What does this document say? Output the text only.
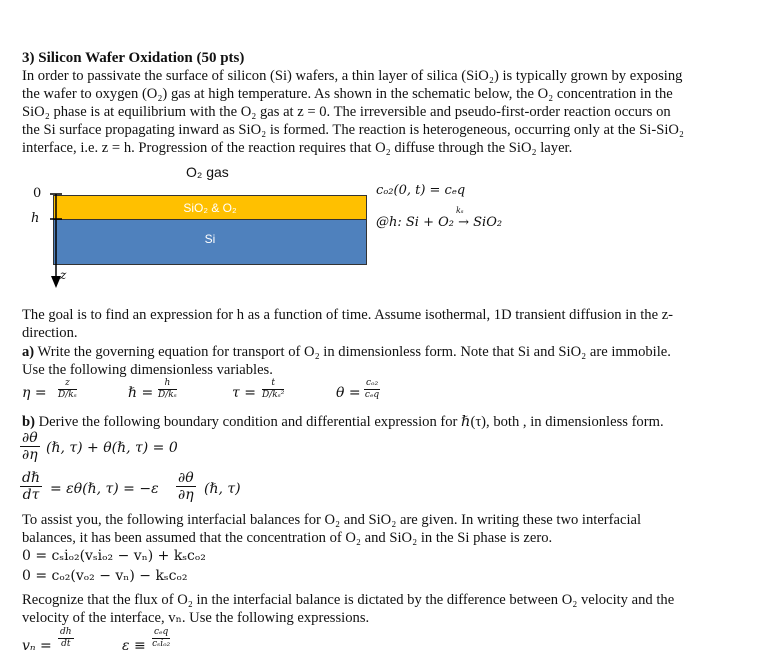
3) Silicon Wafer Oxidation (50 pts)
In order to passivate the surface of silicon (Si) wafers, a thin layer of silica (SiO₂) is typically grown by exposing
the wafer to oxygen (O₂) gas at high temperature. As shown in the schematic below, the O₂ concentration in the
SiO₂ phase is at equilibrium with the O₂ gas at z = 0. The irreversible and pseudo-first-order reaction occurs on
the Si surface propagating inward as SiO₂ is formed. The reaction is heterogeneous, occurring only at the Si-SiO₂
interface, i.e. z = h. Progression of the reaction requires that O₂ diffuse through the SiO₂ layer.
O₂ gas
0
h
SiO₂ & O₂
Si
z
cₒ₂(0, t) = cₑq
kₛ
@h: Si + O₂ → SiO₂
The goal is to find an expression for h as a function of time. Assume isothermal, 1D transient diffusion in the z-
direction.
a) Write the governing equation for transport of O₂ in dimensionless form. Note that Si and SiO₂ are immobile.
Use the following dimensionless variables.
$\eta = \frac{z}{\text{D/kₛ}}$	ℏ = $\frac{h}{\text{D/kₛ}}$	$\tau = \frac{t}{\text{D/kₛ²}}$	θ =
cₒ₂
cₑq
b) Derive the following boundary condition and differential expression for ℏ(τ), both , in dimensionless form.
$\frac{\partial\theta}{\partial\eta}$ (ℏ, τ) + θ(ℏ, τ) = 0
dℏ
dτ = εθ(ℏ, $\tau) = -\varepsilon \frac{\partial\theta}{\partial\eta}$ (ℏ, τ)
To assist you, the following interfacial balances for O₂ and SiO₂ are given. In writing these two interfacial
balances, it has been assumed that the concentration of O₂ and SiO₂ in the Si phase is zero.
0 = cₛiₒ₂(vₛiₒ₂ − vₙ) + kₛcₒ₂
0 = cₒ₂(vₒ₂ − vₙ) − kₛcₒ₂
Recognize that the flux of O₂ in the interfacial balance is dictated by the difference between O₂ velocity and the
velocity of the interface, vₙ. Use the following expressions.
$v_n = \frac{dh}{dt}$	ε ≡
cₑq
cₛiₒ₂
